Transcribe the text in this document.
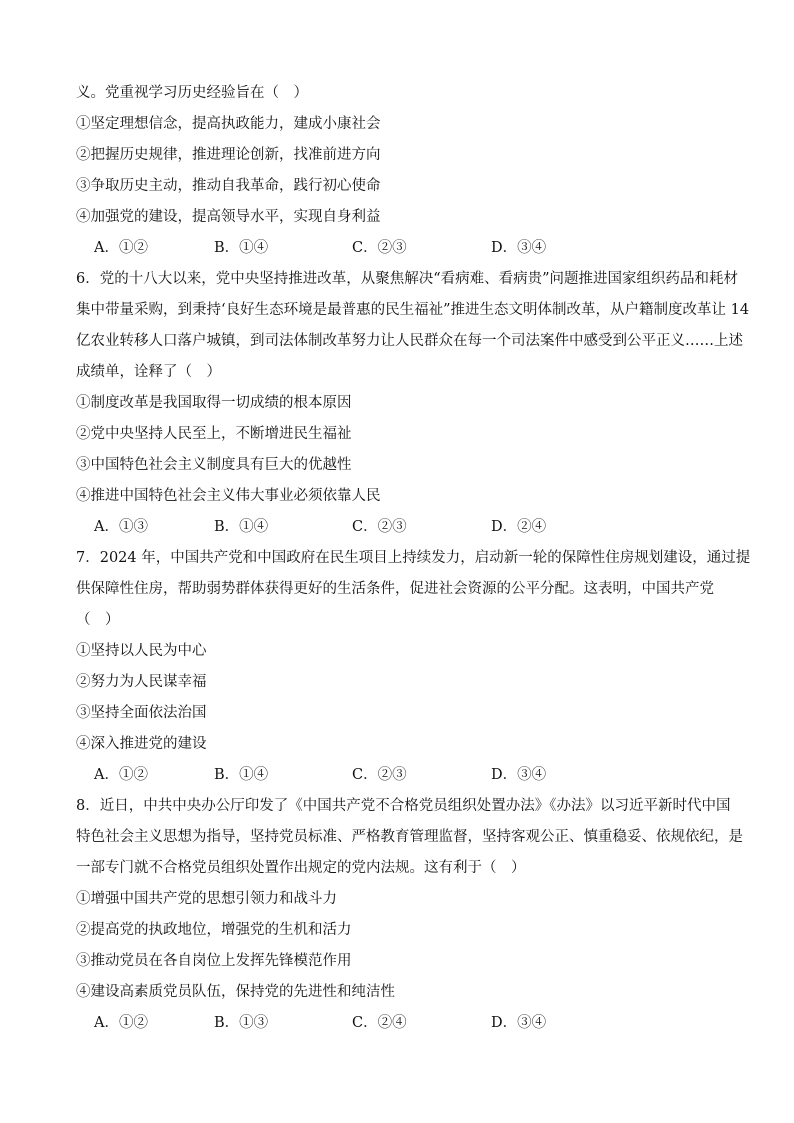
义。党重视学习历史经验旨在（　）
①坚定理想信念，提高执政能力，建成小康社会
②把握历史规律，推进理论创新，找准前进方向
③争取历史主动，推动自我革命，践行初心使命
④加强党的建设，提高领导水平，实现自身利益
A．①②	B．①④	C．②③	D．③④
6．党的十八大以来，党中央坚持推进改革，从聚焦解决“看病难、看病贵”问题推进国家组织药品和耗材
集中带量采购，到秉持‘良好生态环境是最普惠的民生福祉”推进生态文明体制改革，从户籍制度改革让 14
亿农业转移人口落户城镇，到司法体制改革努力让人民群众在每一个司法案件中感受到公平正义……上述
成绩单，诠释了（　）
①制度改革是我国取得一切成绩的根本原因
②党中央坚持人民至上，不断增进民生福祉
③中国特色社会主义制度具有巨大的优越性
④推进中国特色社会主义伟大事业必须依靠人民
A．①③	B．①④	C．②③	D．②④
7．2024 年，中国共产党和中国政府在民生项目上持续发力，启动新一轮的保障性住房规划建设，通过提
供保障性住房，帮助弱势群体获得更好的生活条件，促进社会资源的公平分配。这表明，中国共产党
（　）
①坚持以人民为中心
②努力为人民谋幸福
③坚持全面依法治国
④深入推进党的建设
A．①②	B．①④	C．②③	D．③④
8．近日，中共中央办公厅印发了《中国共产党不合格党员组织处置办法》《办法》以习近平新时代中国
特色社会主义思想为指导，坚持党员标准、严格教育管理监督，坚持客观公正、慎重稳妥、依规依纪，是
一部专门就不合格党员组织处置作出规定的党内法规。这有利于（　）
①增强中国共产党的思想引领力和战斗力
②提高党的执政地位，增强党的生机和活力
③推动党员在各自岗位上发挥先锋模范作用
④建设高素质党员队伍，保持党的先进性和纯洁性
A．①②	B．①③	C．②④	D．③④
